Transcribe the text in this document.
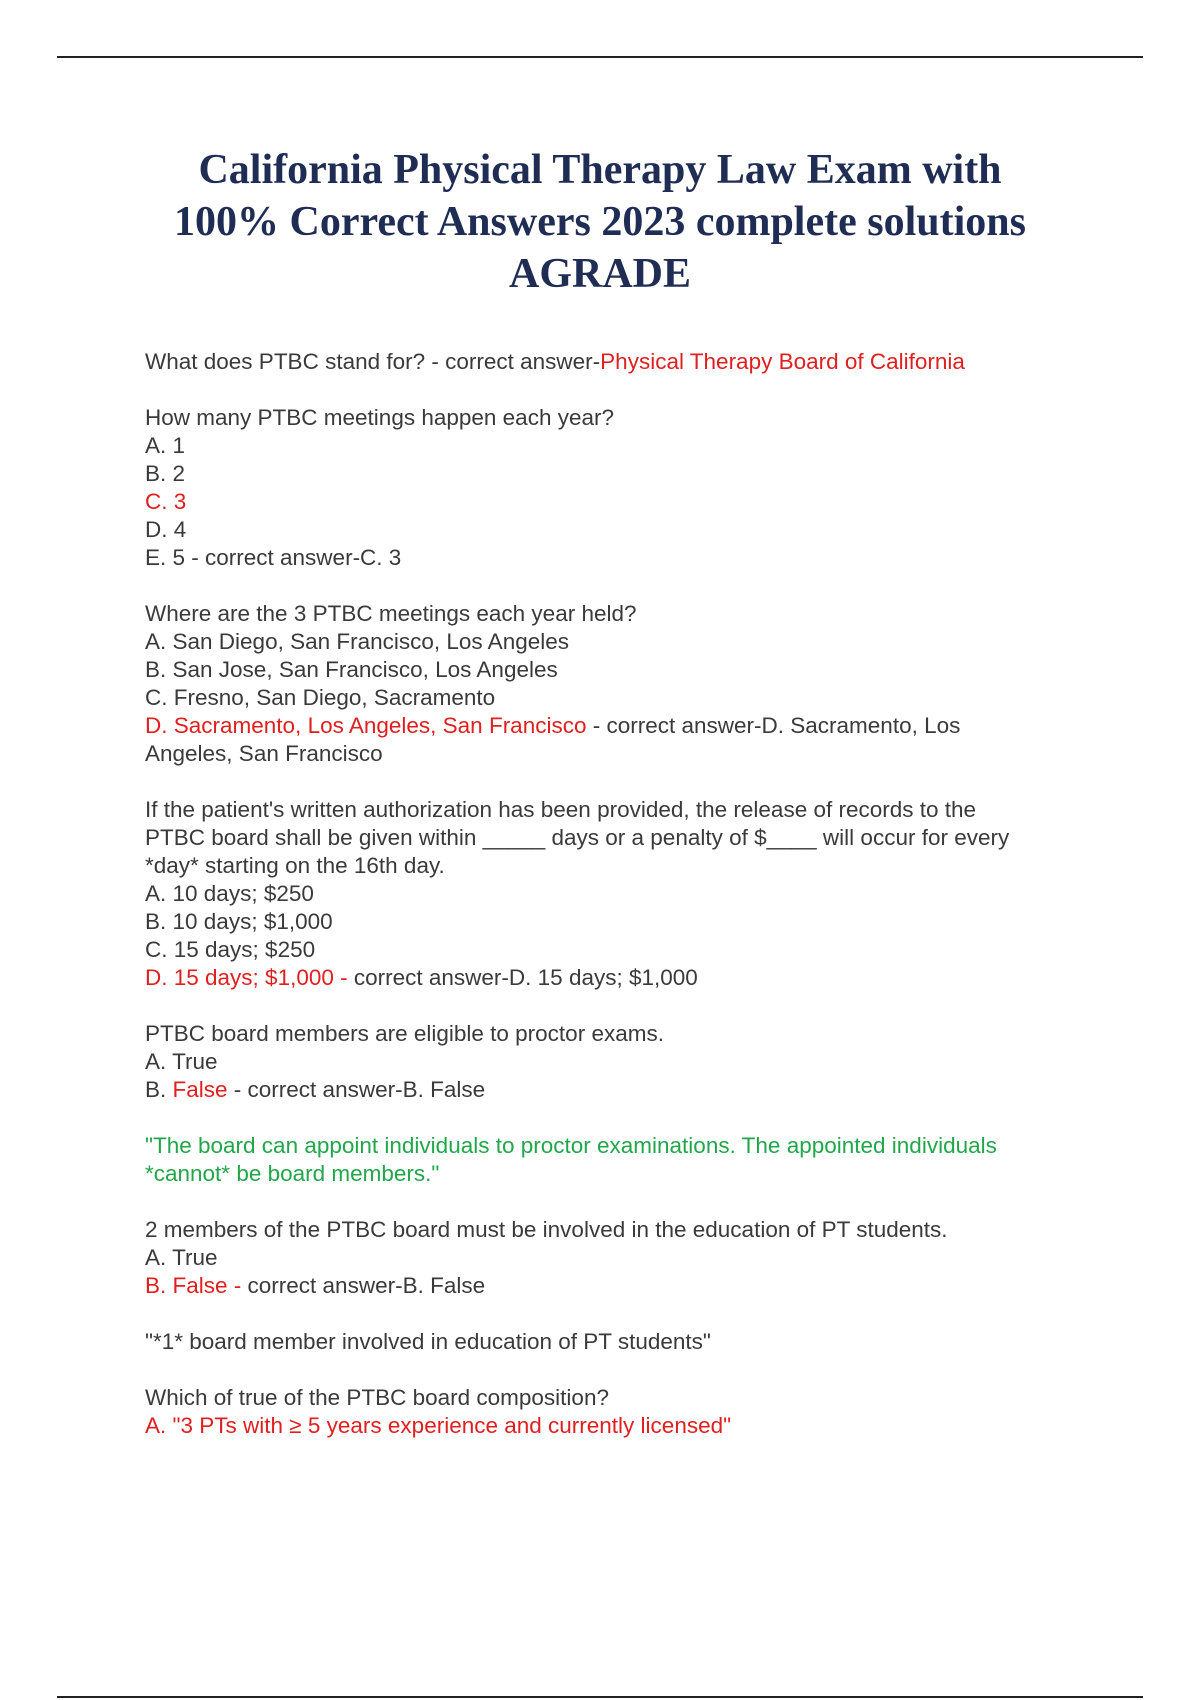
California Physical Therapy Law Exam with
100% Correct Answers 2023 complete solutions
AGRADE
What does PTBC stand for? - correct answer-Physical Therapy Board of California
How many PTBC meetings happen each year?
A. 1
B. 2
C. 3
D. 4
E. 5 - correct answer-C. 3
Where are the 3 PTBC meetings each year held?
A. San Diego, San Francisco, Los Angeles
B. San Jose, San Francisco, Los Angeles
C. Fresno, San Diego, Sacramento
D. Sacramento, Los Angeles, San Francisco - correct answer-D. Sacramento, Los
Angeles, San Francisco
If the patient's written authorization has been provided, the release of records to the
PTBC board shall be given within _____ days or a penalty of $____ will occur for every
*day* starting on the 16th day.
A. 10 days; $250
B. 10 days; $1,000
C. 15 days; $250
D. 15 days; $1,000 - correct answer-D. 15 days; $1,000
PTBC board members are eligible to proctor exams.
A. True
B. False - correct answer-B. False
"The board can appoint individuals to proctor examinations. The appointed individuals
*cannot* be board members."
2 members of the PTBC board must be involved in the education of PT students.
A. True
B. False - correct answer-B. False
"*1* board member involved in education of PT students"
Which of true of the PTBC board composition?
A. "3 PTs with ≥ 5 years experience and currently licensed"
